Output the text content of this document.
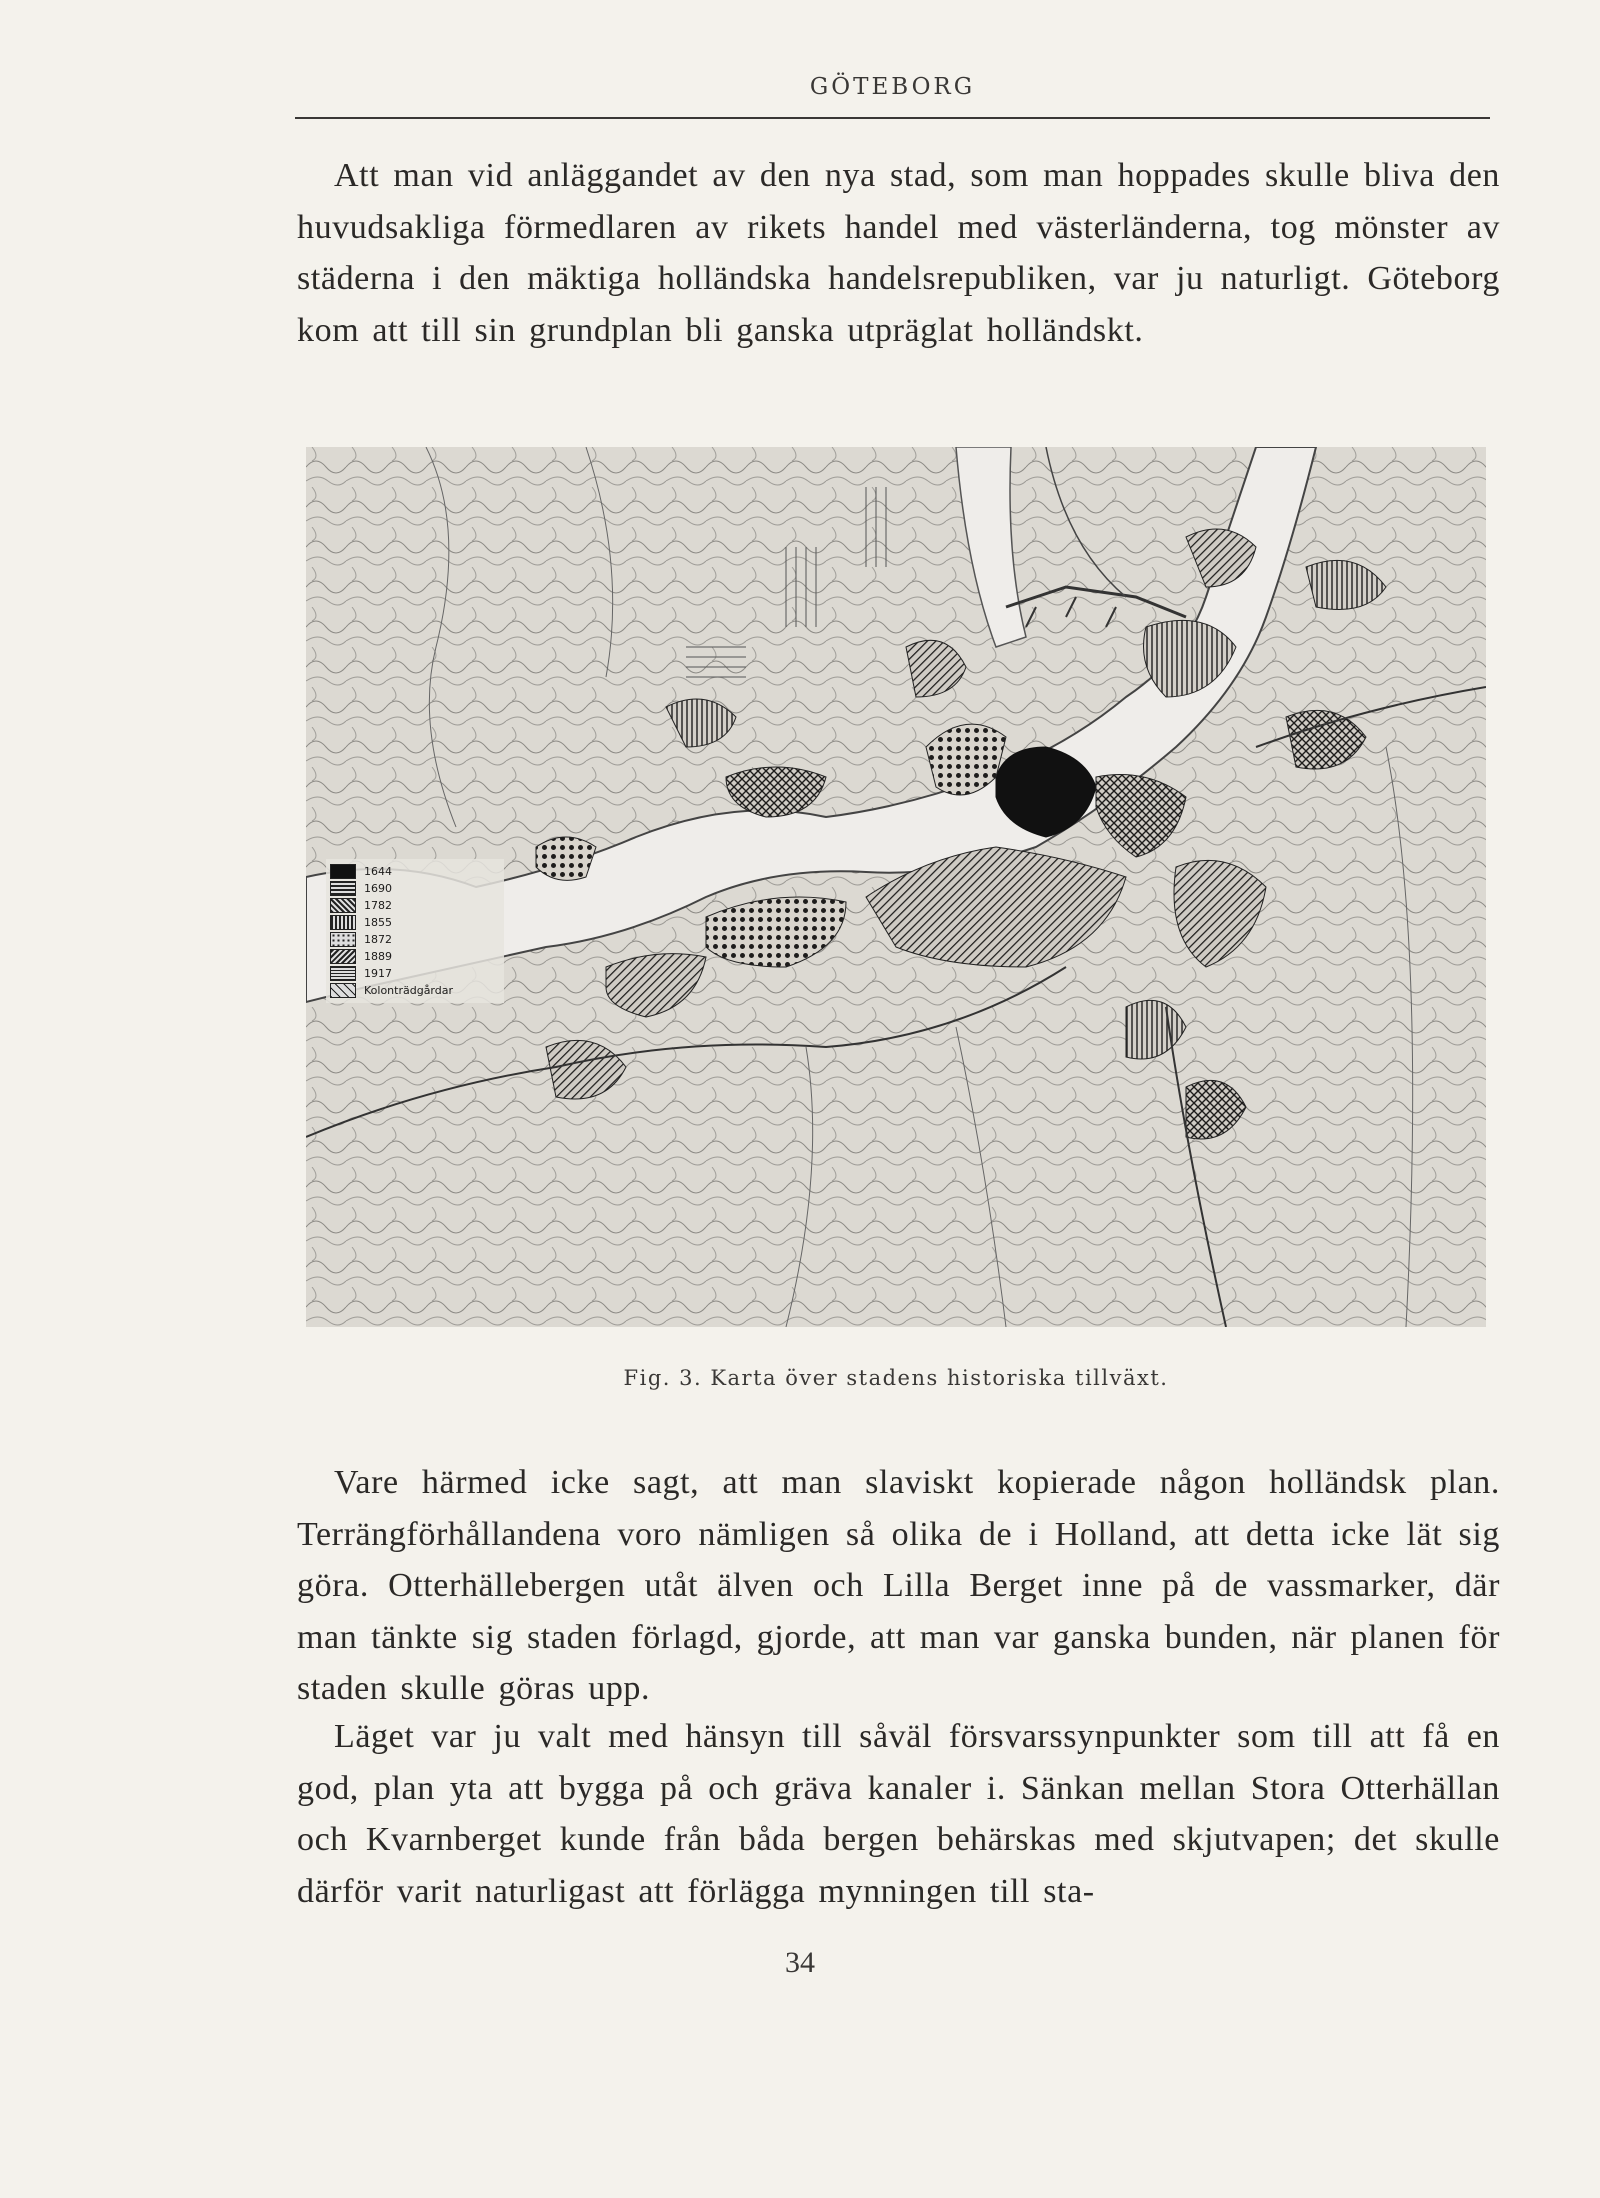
GÖTEBORG

Att man vid anläggandet av den nya stad, som man hoppades skulle bliva den huvudsakliga förmedlaren av rikets handel med västerländerna, tog mönster av städerna i den mäktiga holländska handelsrepubliken, var ju naturligt. Göteborg kom att till sin grundplan bli ganska utpräglat holländskt.

1644
1690
1782
1855
1872
1889
1917
Kolonträdgårdar
Fig. 3. Karta över stadens historiska tillväxt.

Vare härmed icke sagt, att man slaviskt kopierade någon holländsk plan. Terrängförhållandena voro nämligen så olika de i Holland, att detta icke lät sig göra. Otterhällebergen utåt älven och Lilla Berget inne på de vassmarker, där man tänkte sig staden förlagd, gjorde, att man var ganska bunden, när planen för staden skulle göras upp.

Läget var ju valt med hänsyn till såväl försvarssynpunkter som till att få en god, plan yta att bygga på och gräva kanaler i. Sänkan mellan Stora Otterhällan och Kvarnberget kunde från båda bergen behärskas med skjutvapen; det skulle därför varit naturligast att förlägga mynningen till sta-

34
